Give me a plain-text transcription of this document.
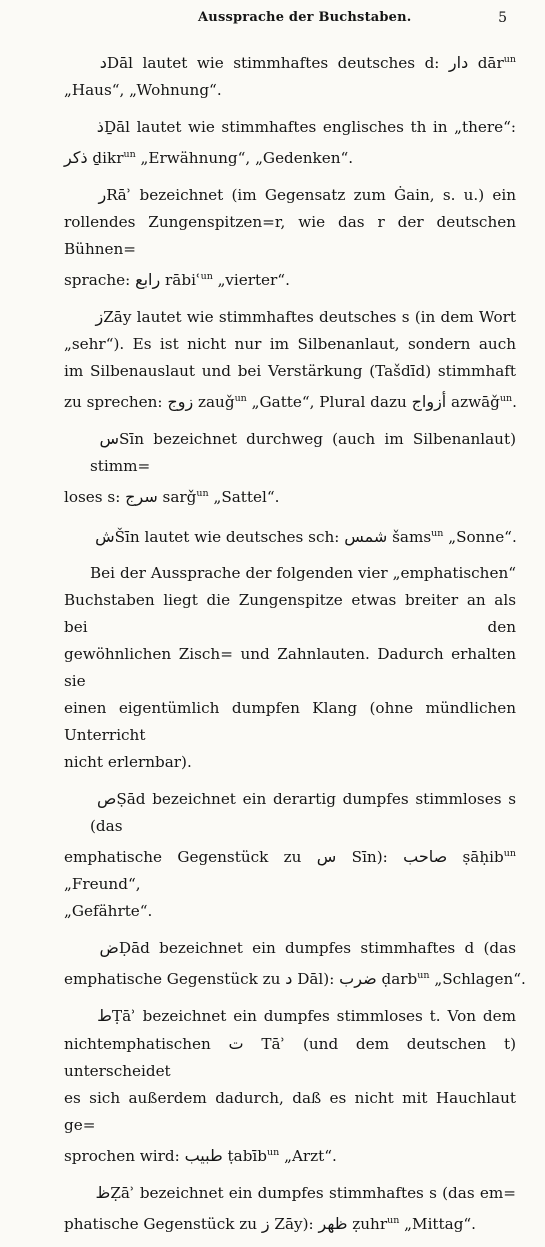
Aussprache der Buchstaben.	5
د Dāl lautet wie stimmhaftes deutsches d: دار dār$^{un}$
„Haus“, „Wohnung“.
ذ Ḏāl lautet wie stimmhaftes englisches th in „there“:
ذكر ḏikr$^{un}$ „Erwähnung“, „Gedenken“.
ر Rāʾ bezeichnet (im Gegensatz zum Ġain, s. u.) ein
rollendes Zungenspitzen=r, wie das r der deutschen Bühnen=
sprache: رابع rābiʿ$^{un}$ „vierter“.
ز Zāy lautet wie stimmhaftes deutsches s (in dem Wort
„sehr“). Es ist nicht nur im Silbenanlaut, sondern auch
im Silbenauslaut und bei Verstärkung (Tašdīd) stimmhaft
zu sprechen: زوج zauǧ$^{un}$ „Gatte“, Plural dazu أزواج azwāǧ$^{un}$.
س Sīn bezeichnet durchweg (auch im Silbenanlaut) stimm=
loses s: سرج sarǧ$^{un}$ „Sattel“.
ش Šīn lautet wie deutsches sch: شمس šams$^{un}$ „Sonne“.
Bei der Aussprache der folgenden vier „emphatischen“
Buchstaben liegt die Zungenspitze etwas breiter an als bei den
gewöhnlichen Zisch= und Zahnlauten. Dadurch erhalten sie
einen eigentümlich dumpfen Klang (ohne mündlichen Unterricht
nicht erlernbar).
ص Ṣād bezeichnet ein derartig dumpfes stimmloses s (das
emphatische Gegenstück zu س Sīn): صاحب ṣāḥib$^{un}$ „Freund“,
„Gefährte“.
ض Ḍād bezeichnet ein dumpfes stimmhaftes d (das
emphatische Gegenstück zu د Dāl): ضرب ḍarb$^{un}$ „Schlagen“.
ط Ṭāʾ bezeichnet ein dumpfes stimmloses t. Von dem
nichtemphatischen ت Tāʾ (und dem deutschen t) unterscheidet
es sich außerdem dadurch, daß es nicht mit Hauchlaut ge=
sprochen wird: طبيب ṭabīb$^{un}$ „Arzt“.
ظ Ẓāʾ bezeichnet ein dumpfes stimmhaftes s (das em=
phatische Gegenstück zu ز Zāy): ظهر ẓuhr$^{un}$ „Mittag“.
